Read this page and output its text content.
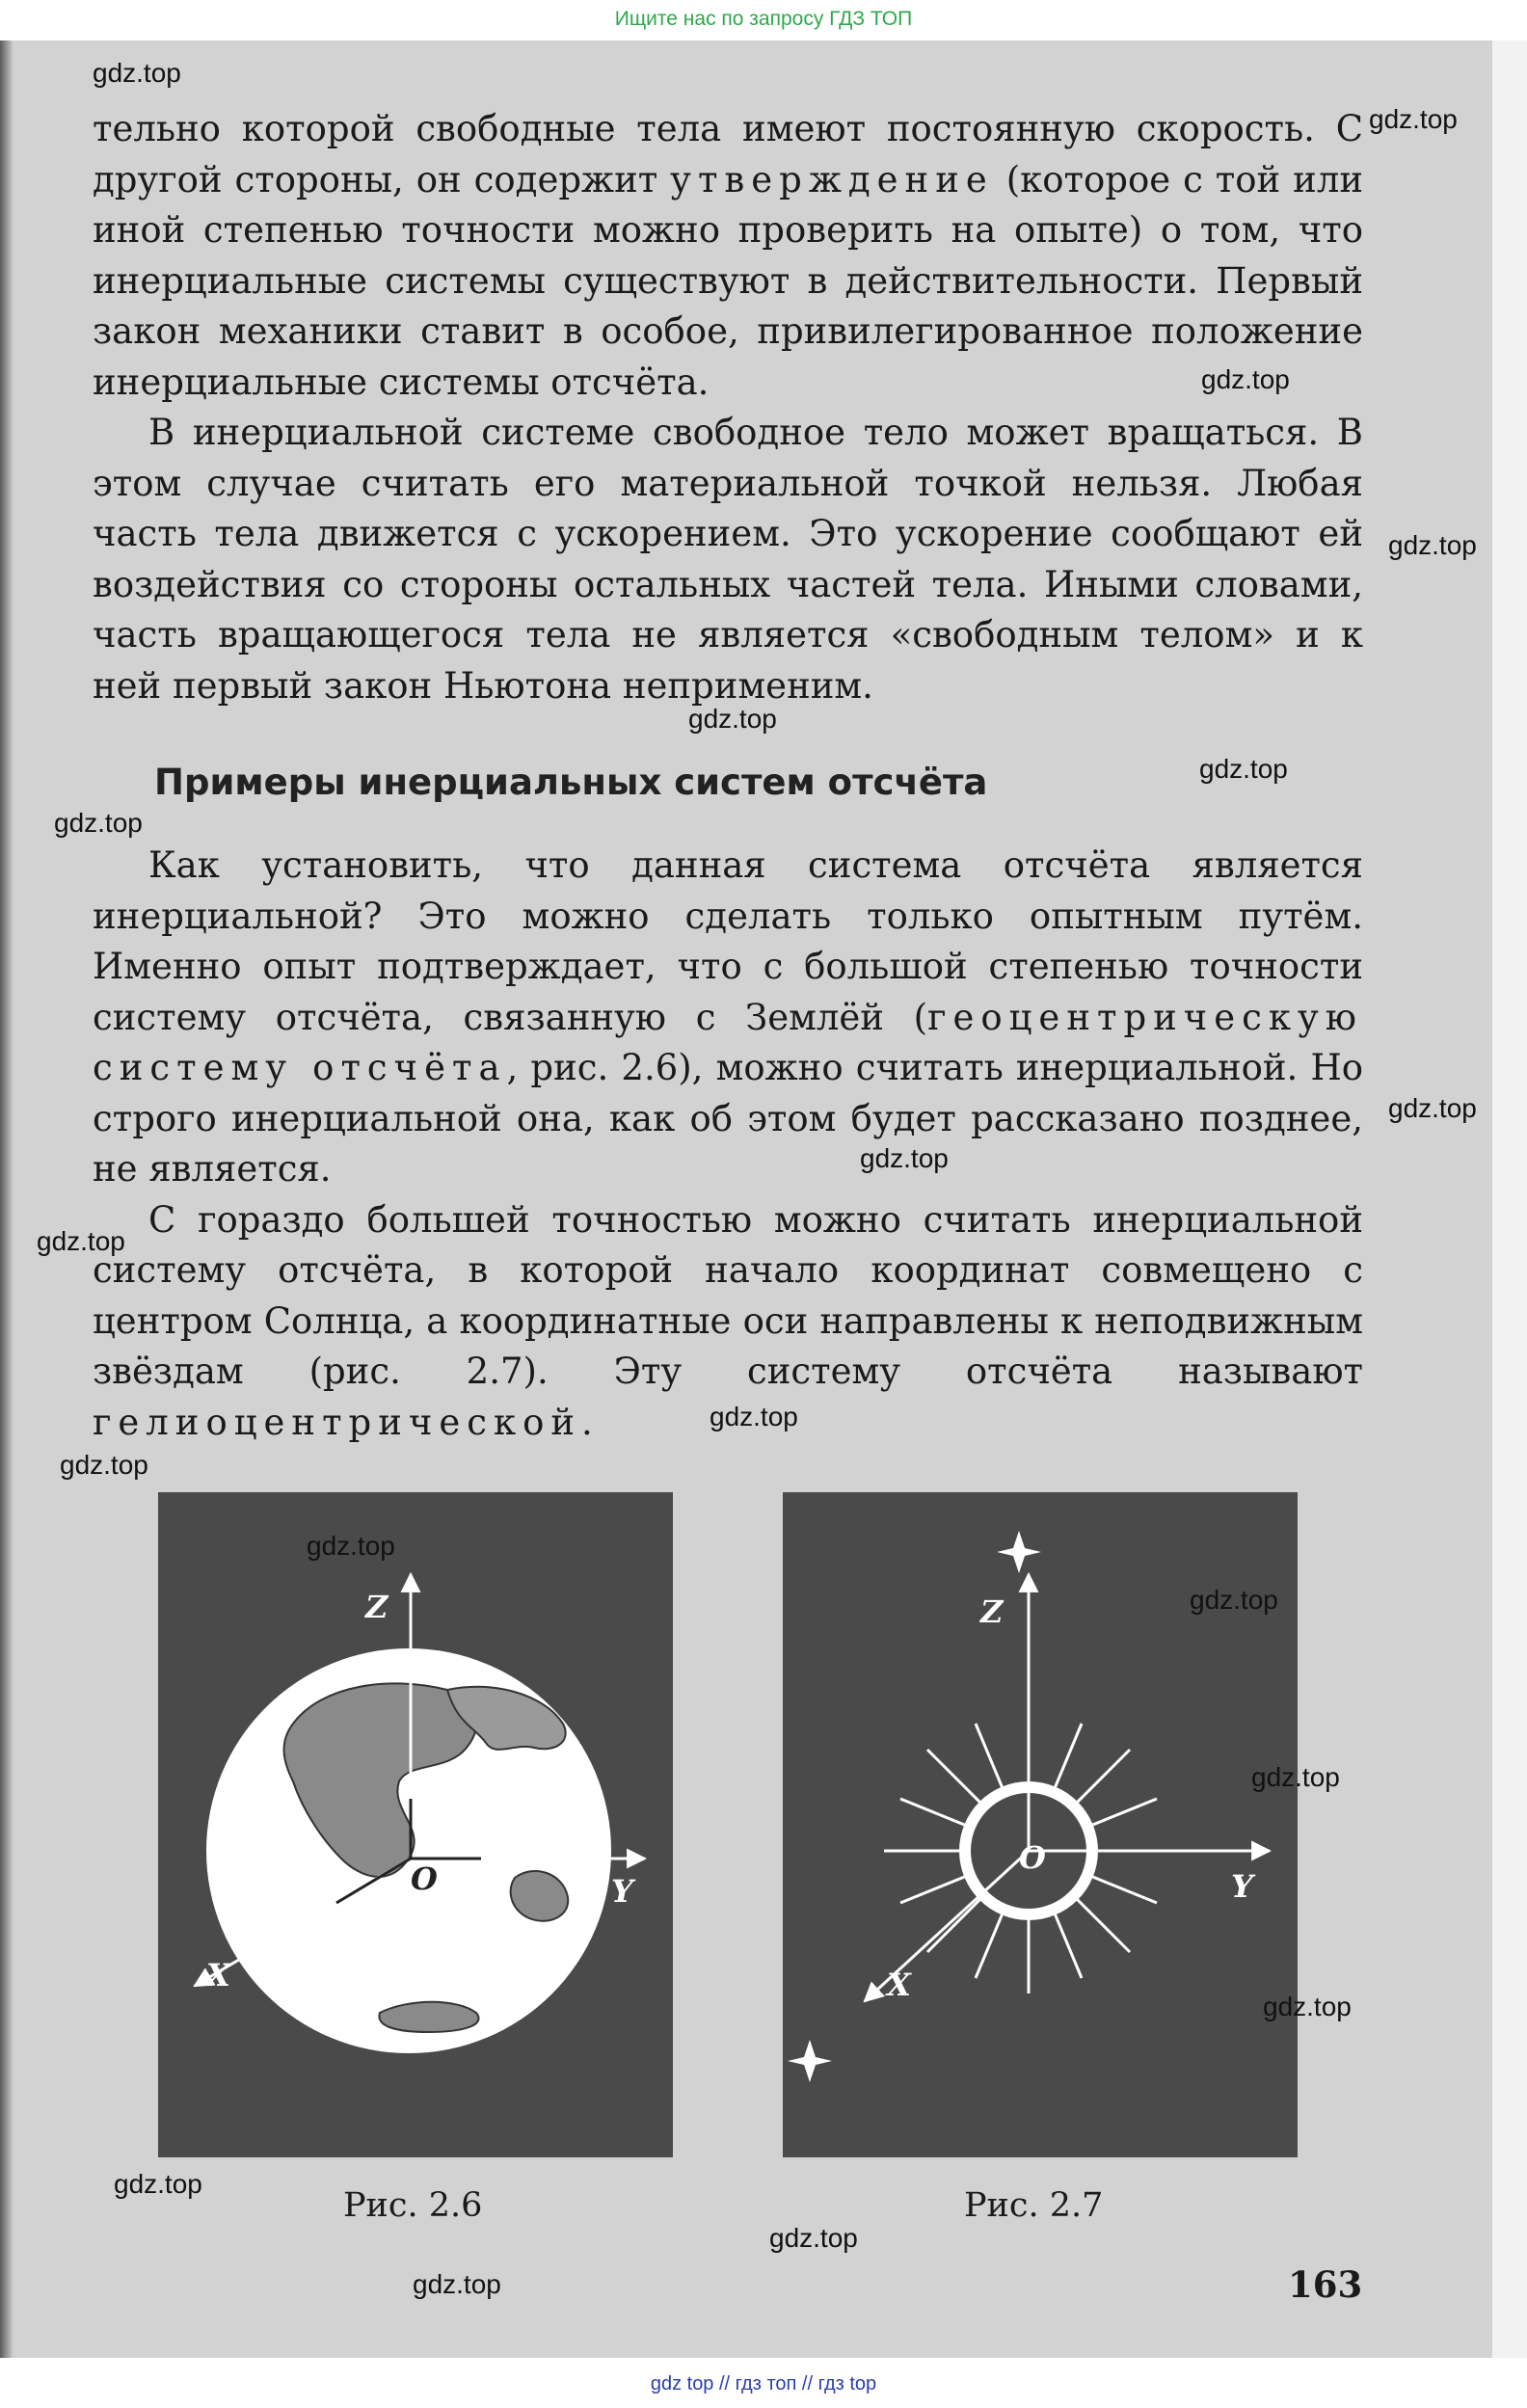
Ищите нас по запросу ГДЗ ТОП

тельно которой свободные тела имеют постоянную скорость. С другой стороны, он содержит утверждение (которое с той или иной степенью точности можно проверить на опыте) о том, что инерциальные системы существуют в действительности. Первый закон механики ставит в особое, привилегированное положение инерциальные системы отсчёта.

В инерциальной системе свободное тело может вращаться. В этом случае считать его материальной точкой нельзя. Любая часть тела движется с ускорением. Это ускорение сообщают ей воздействия со стороны остальных частей тела. Иными словами, часть вращающегося тела не является «свободным телом» и к ней первый закон Ньютона неприменим.

Примеры инерциальных систем отсчёта

Как установить, что данная система отсчёта является инерциальной? Это можно сделать только опытным путём. Именно опыт подтверждает, что с большой степенью точности систему отсчёта, связанную с Землёй (геоцентрическую систему отсчёта, рис. 2.6), можно считать инерциальной. Но строго инерциальной она, как об этом будет рассказано позднее, не является.

С гораздо большей точностью можно считать инерциальной систему отсчёта, в которой начало координат совмещено с центром Солнца, а координатные оси направлены к неподвижным звёздам (рис. 2.7). Эту систему отсчёта называют гелиоцентрической.

Z
Y
X
O
Z
Y
X
O
Рис. 2.6	Рис. 2.7
163
gdz.top
gdz.top
gdz.top
gdz.top
gdz.top
gdz.top
gdz.top
gdz.top
gdz.top
gdz.top
gdz.top
gdz.top
gdz.top
gdz.top
gdz.top
gdz.top
gdz.top
gdz.top
gdz.top
gdz top // гдз топ // гдз top
